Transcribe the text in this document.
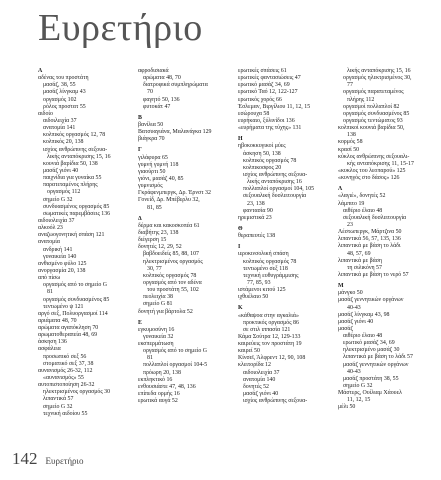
Ευρετήριο
Α
αδένας του προστάτη
μασάζ, 38, 55
μασάζ λίνγκαμ 43
οργασμός 102
ρόλος προστατ 55
αιδοίο
αιδοιλειχία 37
ανατομία 141
κολπικός οργασμός 12, 78
κολπικός 20, 138
ισχίος ανθρώπινης σεξουα-
λικής ανταπόκρισης 15, 16
κουνιά βαρίδια 50, 138
μασάζ γιόνι 40
παιχνίδια για γυναίκα 55
παρατεταμένος πλήρης
οργασμός 112
σημείο G 32
συνδυασμένος οργασμός 85
σωματικές παρεμβάσεις 136
αιδοιολειχία 37
αλκοόλ 23
αναζωογονητική σπάση 121
ανατομία
ανδρική 141
γυναικεία 140
ανθισμένο φύλο 125
ανοργασμία 20, 138
από πίσω
οργασμός από το σημείο G
81
οργασμός συνδυασμένος 85
τεντωμένο ψ 121
αργό σεξ, Πολυοργασμοί 114
αριάματα 48, 70
αρώματα αγαπόκληση 70
αρωματοθεραπεία 48, 69
άσκηση 136
ασφάλεια
προσωπικό σεξ 56
στοματικό σεξ 37, 38
αυνανισμός 26-32, 112
«αυνανισμός» 55
αυτοπιστοποίηση 26-32
ηλεκτρισμένος οργασμός 30
λιπαντικά 57
σημείο G 32
τεχνική αιδοίου 55
αφροδισιακά
αρώματα 48, 70
διατροφικά συμπληρώματα
70
φαγητό 50, 136
φυτοκάτ 47
Β
βανίλια 50
Βατσυαγιάνα, Μαλανάγκα 129
βιάγκρα 70
Γ
γιλάφυρα 65
γυμνή γυμνή 118
γιαούρτι 50
γιόνι, μασάζ 40, 85
γυμνισμός
Γκράφενμπεργκ, Δρ. Έρνστ 32
Γονείδ, Δρ. Μπέβερλυ 32,
81, 85
Δ
δέρμα και κακοσκοπέα 61
διαβήτης 23, 138
διέγερση 15
δονητές 12, 29, 52
βαβδοειδείς 85, 88, 107
ηλεκτρισμένος οργασμός
30, 77
κολπικός οργασμός 78
οργασμός από τον αδένα
του προστάτη 55, 102
πεολειχία 38
σημείο G 81
δονητή για βάρτολα 52
Ε
εγκυμοσύνη 16
γυναικεία 32
εκσπερμάτωση
οργασμός από το σημείο G
81
πολλαπλοί οργασμοί 104-5
πρόωρη 20, 138
εκπληκτικό 16
ενθουσιάστε 47, 48, 136
επίπεδα ορμής 16
ερωτικά αυγά 52
ερωτικές σπάσεις 61
ερωτικές φαντασιώσεις 47
ερωτικό μασάζ 34, 69
ερωτικό Ταό 12, 122-127
ερωτικός χορός 66
Έσλεμαν, Βιργίλιου 11, 12, 15
εσώρουχα 58
ευρήκαιο, ξύλινίδοι 136
«ευρήματα της τύχης» 131
Η
ηβοκοκκυγικοί μύες
άσκηση 50, 138
κολπικός οργασμός 78
κολπικοσφος 20
ισχίος ανθρώπινης σεξουα-
λικής ανταπόκρισης 16
πολλαπλοί οργασμοί 104, 105
σεξουαλική δυσλειτουργία
23, 138
φαντασία 90
ηρεμιστικά 23
Θ
θεραπευτές 138
Ι
ιεροκινσολική σπάση
κολπικός οργασμός 78
τεντωμένο σεξ 118
τεχνική ευθυγράμμισης
77, 85, 93
ιστάμενοι κιτού 125
ιχθυέλαιο 50
Κ
«κάθαψοα στην αγκαλιά»
προκτικός οργασμός 86
σε στιλ ιππασία 121
Κάμα Σούτρα 12, 129-133
καιρεύεις τον προστάτη 19
καιρεί 50
Κίνσεϊ, Άλφρεντ 12, 90, 108
κλειτορίδα 12
αιδοιολειχία 37
ανατομία 140
δονητές 52
μασάζ γιόνι 40
ισχίος ανθρώπινης σεξουα-
λικής ανταπόκρισης 15, 16
οργασμός ηλεκτρισμένος 30,
77
οργασμός παρατεταμένος
πλήρης 112
οργασμοί πολλαπλοί 82
οργασμός συνδυασμένος 85
οργασμός τεντώματος 93
κολπικοί κουνιά βαρίδια 50,
138
κορμός 58
κρασί 50
κύκλος ανθρώπινης σεξουαλι-
κής ανταπόκρισης 11, 15-17
«κυκλος του λεοπαρού» 125
«κυνηγός στο δάσος» 126
Λ
«λαγιέ», δονητές 52
λάμπιτο 19
αιθέριο έλαιο 48
σεξουαλική δυσλειτουργία
23
Λέστωπεργκ, Μάρτζινα 50
λιπαντικά 56, 57, 135, 136
λιπαντικά με βάση το λάδι
48, 57, 69
λιπαντικά με βάση
τη σιλικόνη 57
λιπαντικά με βάση το νερό 57
Μ
μάνγκο 50
μασάζ γεννητικών οργάνων
40-43
μασάζ λίνγκαμ 43, 98
μασάζ γιόνι 40
μασάζ
αιθέριο έλαιο 48
ερωτικό μασάζ 34, 69
ηλεκτρισμένο μασάζ 30
λιπαντικά με βάση το λάδι 57
μασάζ γεννητικών οργάνων
40-43
μασάζ προστάτη 38, 55
σημείο G 32
Μάστερς, Ουίλιαμ Χάουελ
11, 12, 15
μέλι 50
142 Ευρετήριο
